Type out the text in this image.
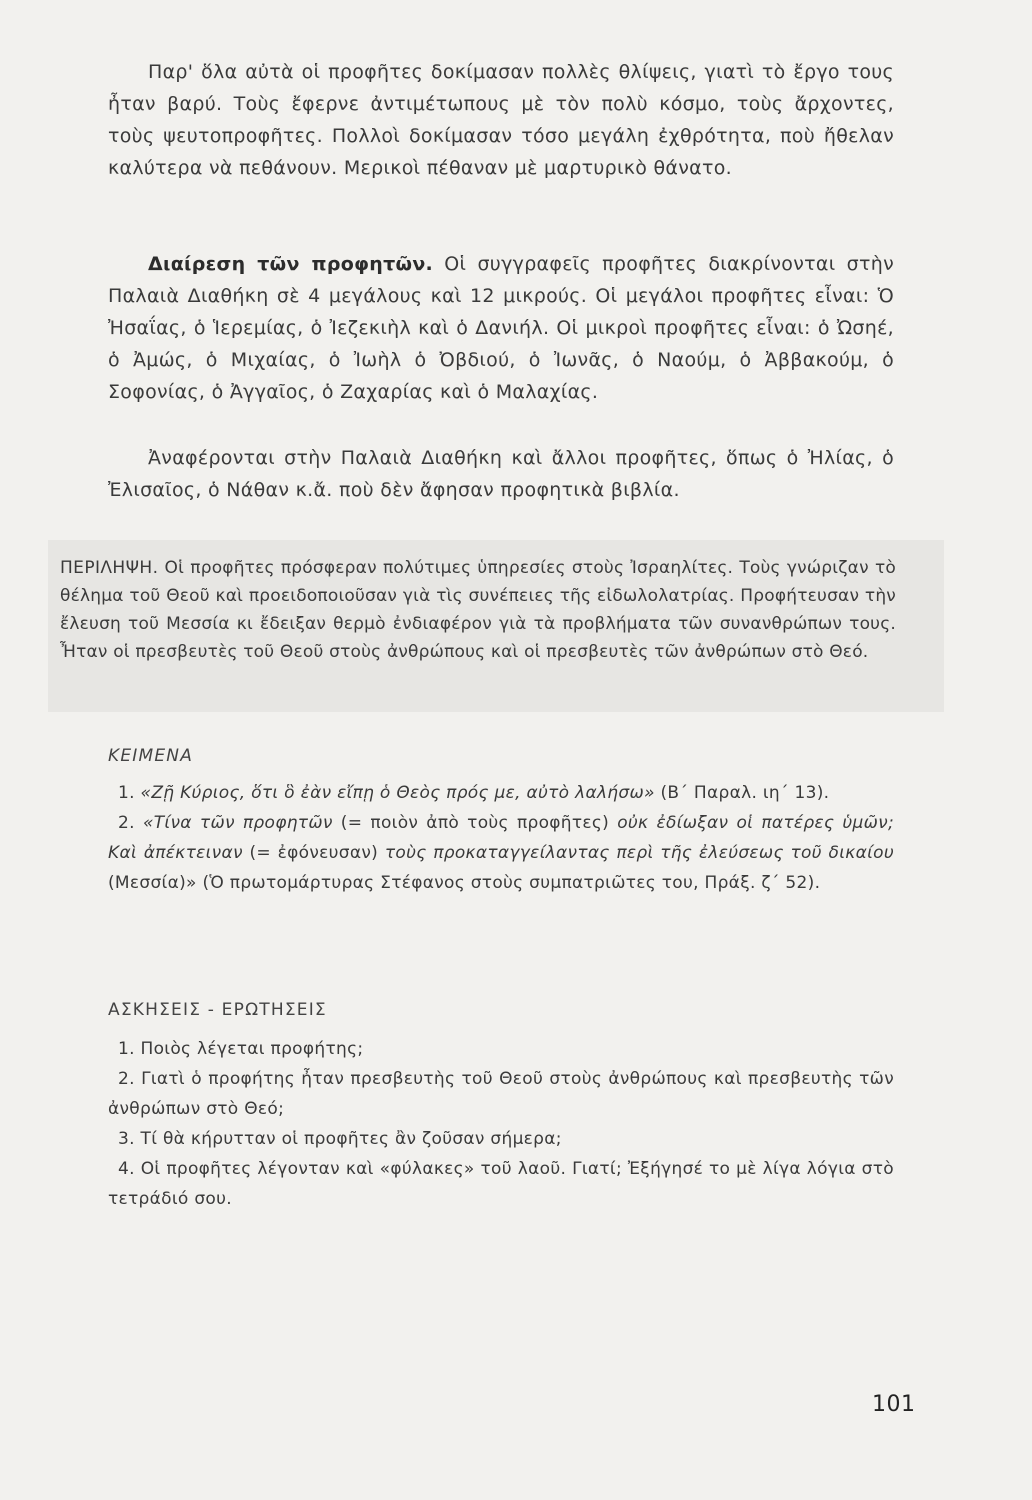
Παρ' ὅλα αὐτὰ οἱ προφῆτες δοκίμασαν πολλὲς θλίψεις, γιατὶ τὸ ἔργο τους ἦταν βαρύ. Τοὺς ἔφερνε ἀντιμέτωπους μὲ τὸν πολὺ κόσμο, τοὺς ἄρχοντες, τοὺς ψευτοπροφῆτες. Πολλοὶ δοκίμασαν τόσο μεγάλη ἐχθρότητα, ποὺ ἤθελαν καλύτερα νὰ πεθάνουν. Μερικοὶ πέθαναν μὲ μαρτυρικὸ θάνατο.
Διαίρεση τῶν προφητῶν. Οἱ συγγραφεῖς προφῆτες διακρίνονται στὴν Παλαιὰ Διαθήκη σὲ 4 μεγάλους καὶ 12 μικρούς. Οἱ μεγάλοι προφῆτες εἶναι: Ὁ Ἠσαΐας, ὁ Ἱερεμίας, ὁ Ἰεζεκιὴλ καὶ ὁ Δανιήλ. Οἱ μικροὶ προφῆτες εἶναι: ὁ Ὠσηέ, ὁ Ἀμώς, ὁ Μιχαίας, ὁ Ἰωὴλ ὁ Ὀβδιού, ὁ Ἰωνᾶς, ὁ Ναούμ, ὁ Ἀββακούμ, ὁ Σοφονίας, ὁ Ἀγγαῖος, ὁ Ζαχαρίας καὶ ὁ Μαλαχίας.
Ἀναφέρονται στὴν Παλαιὰ Διαθήκη καὶ ἄλλοι προφῆτες, ὅπως ὁ Ἠλίας, ὁ Ἐλισαῖος, ὁ Νάθαν κ.ἄ. ποὺ δὲν ἄφησαν προφητικὰ βιβλία.
ΠΕΡΙΛΗΨΗ. Οἱ προφῆτες πρόσφεραν πολύτιμες ὑπηρεσίες στοὺς Ἰσραηλίτες. Τοὺς γνώριζαν τὸ θέλημα τοῦ Θεοῦ καὶ προειδοποιοῦσαν γιὰ τὶς συνέπειες τῆς εἰδωλολατρίας. Προφήτευσαν τὴν ἔλευση τοῦ Μεσσία κι ἔδειξαν θερμὸ ἐνδιαφέρον γιὰ τὰ προβλήματα τῶν συνανθρώπων τους. Ἦταν οἱ πρεσβευτὲς τοῦ Θεοῦ στοὺς ἀνθρώπους καὶ οἱ πρεσβευτὲς τῶν ἀνθρώπων στὸ Θεό.

ΚΕΙΜΕΝΑ

1. «Ζῇ Κύριος, ὅτι ὃ ἐὰν εἴπῃ ὁ Θεὸς πρός με, αὐτὸ λαλήσω» (Β΄ Παραλ. ιη΄ 13).

2. «Τίνα τῶν προφητῶν (= ποιὸν ἀπὸ τοὺς προφῆτες) οὐκ ἐδίωξαν οἱ πατέρες ὑμῶν; Καὶ ἀπέκτειναν (= ἐφόνευσαν) τοὺς προκαταγγείλαντας περὶ τῆς ἐλεύσεως τοῦ δικαίου (Μεσσία)» (Ὁ πρωτομάρτυρας Στέφανος στοὺς συμπατριῶτες του, Πράξ. ζ΄ 52).

ΑΣΚΗΣΕΙΣ - ΕΡΩΤΗΣΕΙΣ

1. Ποιὸς λέγεται προφήτης;

2. Γιατὶ ὁ προφήτης ἦταν πρεσβευτὴς τοῦ Θεοῦ στοὺς ἀνθρώπους καὶ πρεσβευτὴς τῶν ἀνθρώπων στὸ Θεό;

3. Τί θὰ κήρυτταν οἱ προφῆτες ἂν ζοῦσαν σήμερα;

4. Οἱ προφῆτες λέγονταν καὶ «φύλακες» τοῦ λαοῦ. Γιατί; Ἐξήγησέ το μὲ λίγα λόγια στὸ τετράδιό σου.

101
